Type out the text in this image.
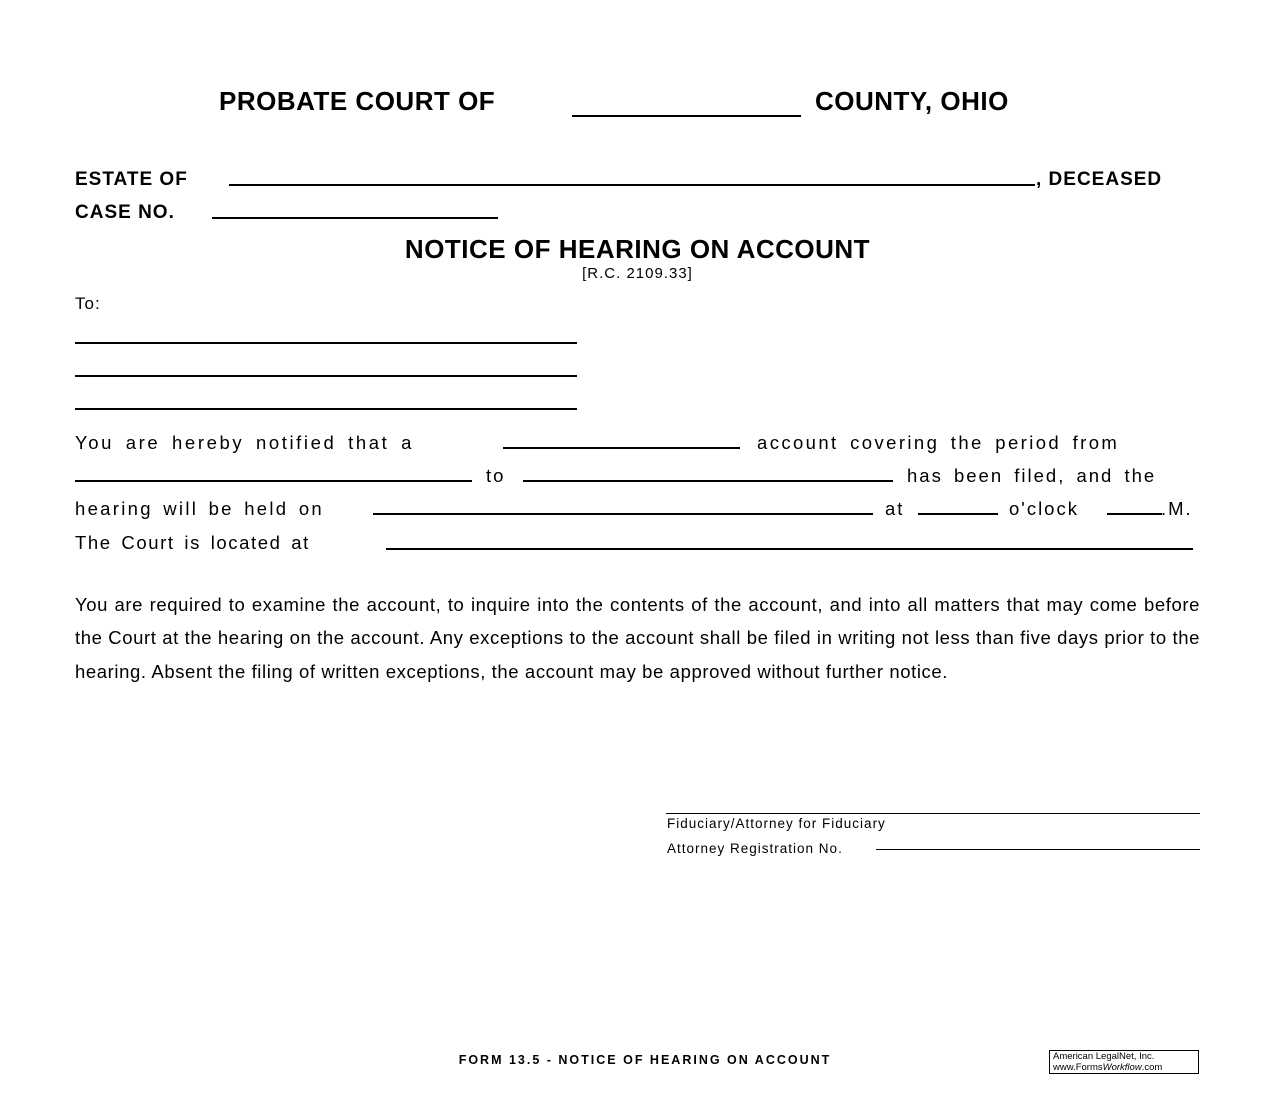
PROBATE COURT OF	COUNTY, OHIO
ESTATE OF	, DECEASED
CASE NO.
NOTICE OF HEARING ON ACCOUNT
[R.C. 2109.33]
To:
You are hereby notified that a	account covering the period from
to	has been filed, and the
hearing will be held on	at	o'clock	.M.
The Court is located at
You are required to examine the account, to inquire into the contents of the account, and into all matters that may come before the Court at the hearing on the account. Any exceptions to the account shall be filed in writing not less than five days prior to the hearing. Absent the filing of written exceptions, the account may be approved without further notice.
Fiduciary/Attorney for Fiduciary
Attorney Registration No.
FORM 13.5 - NOTICE OF HEARING ON ACCOUNT	American LegalNet, Inc.
www.FormsWorkflow.com
